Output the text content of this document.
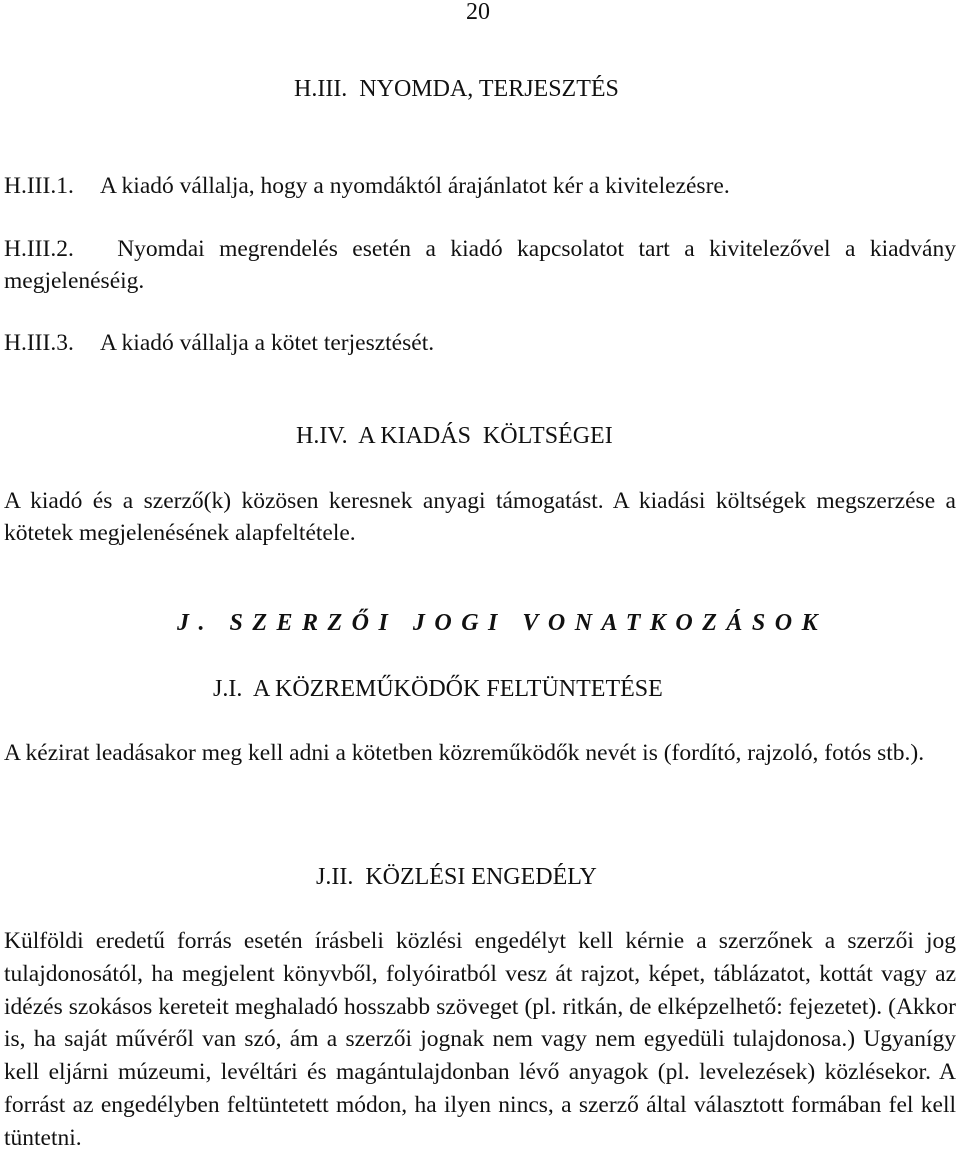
20
H.III.  NYOMDA, TERJESZTÉS
H.III.1. A kiadó vállalja, hogy a nyomdáktól árajánlatot kér a kivitelezésre.
H.III.2. Nyomdai megrendelés esetén a kiadó kapcsolatot tart a kivitelezővel a kiadvány megjelenéséig.
H.III.3. A kiadó vállalja a kötet terjesztését.
H.IV.  A KIADÁS  KÖLTSÉGEI

A kiadó és a szerző(k) közösen keresnek anyagi támogatást. A kiadási költségek megszerzése a kötetek megjelenésének alapfeltétele.

J. SZERZŐI JOGI VONATKOZÁSOK
J.I.  A KÖZREMŰKÖDŐK FELTÜNTETÉSE

A kézirat leadásakor meg kell adni a kötetben közreműködők nevét is (fordító, rajzoló, fotós stb.).

J.II.  KÖZLÉSI ENGEDÉLY

Külföldi eredetű forrás esetén írásbeli közlési engedélyt kell kérnie a szerzőnek a szerzői jog tulajdonosától, ha megjelent könyvből, folyóiratból vesz át rajzot, képet, táblázatot, kottát vagy az idézés szokásos kereteit meghaladó hosszabb szöveget (pl. ritkán, de elképzelhető: fejezetet). (Akkor is, ha saját művéről van szó, ám a szerzői jognak nem vagy nem egyedüli tulajdonosa.) Ugyanígy kell eljárni múzeumi, levéltári és magántulajdonban lévő anyagok (pl. levelezések) közlésekor. A forrást az engedélyben feltüntetett módon, ha ilyen nincs, a szerző által választott formában fel kell tüntetni.
